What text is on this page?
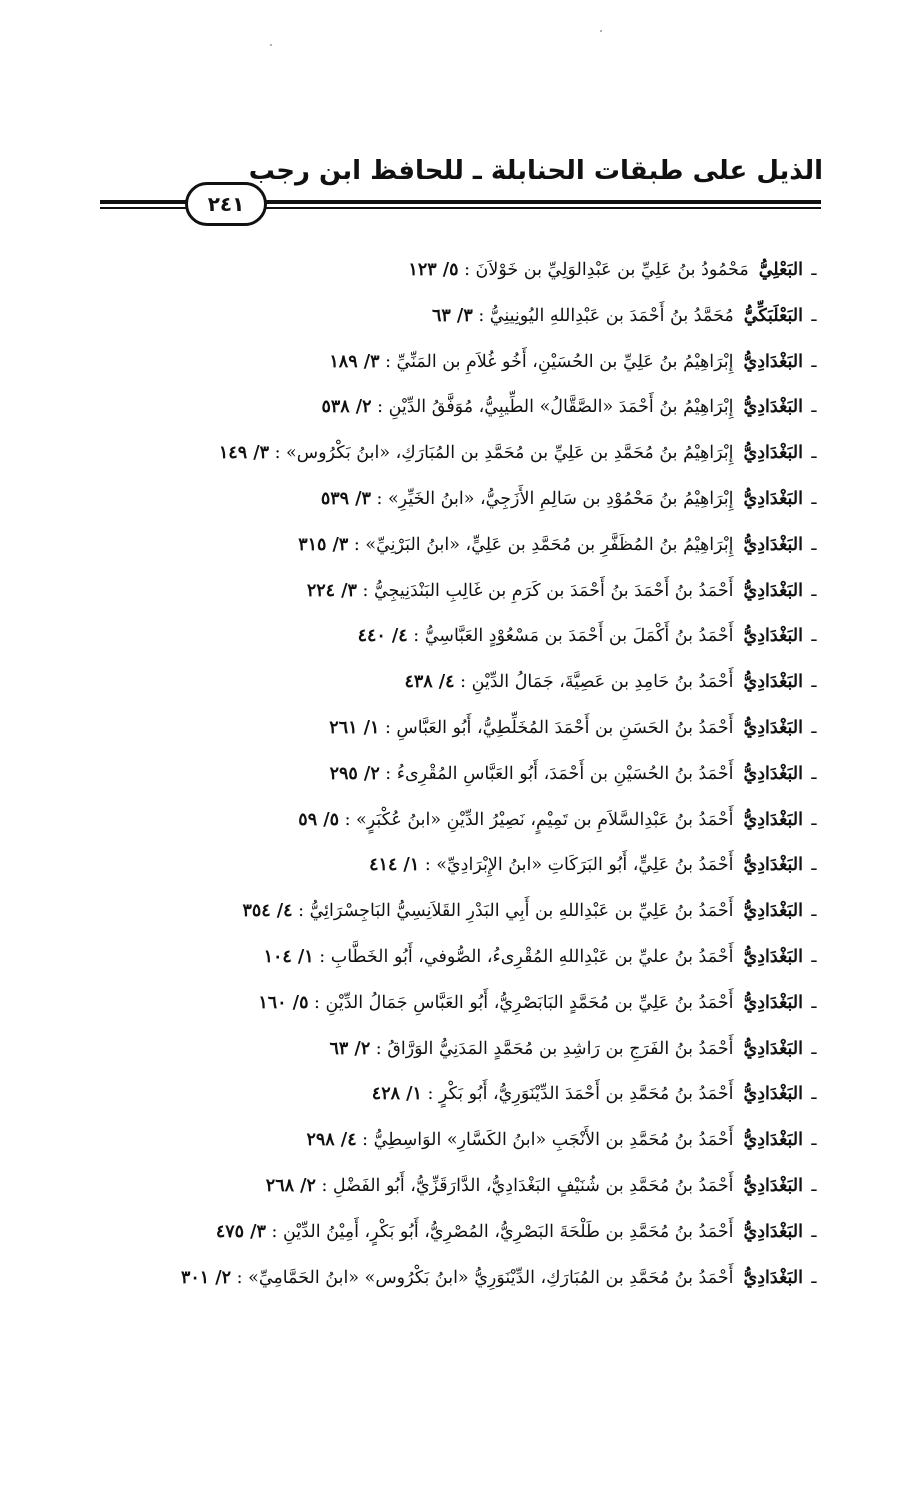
الذيل على طبقات الحنابلة ـ للحافظ ابن رجب
٢٤١
ـالبَعْلِيُّمَحْمُودُ بنُ عَلِيِّ بن عَبْدِالوَلِيِّ بن خَوْلاَنَ : ٥/ ١٢٣
ـالبَعْلَبَكِّيُّمُحَمَّدُ بنُ أَحْمَدَ بن عَبْدِاللهِ اليُونِينِيُّ : ٣/ ٦٣
ـالبَغْدَادِيُّإِبْرَاهِيْمُ بنُ عَلِيِّ بن الحُسَيْنِ، أَخُو غُلاَمِ بن المَنِّيِّ : ٣/ ١٨٩
ـالبَغْدَادِيُّإِبْرَاهِيْمُ بنُ أَحْمَدَ «الصَّقَّالُ» الطِّيبِيُّ، مُوَفَّقُ الدِّيْنِ : ٢/ ٥٣٨
ـالبَغْدَادِيُّإِبْرَاهِيْمُ بنُ مُحَمَّدِ بن عَلِيِّ بن مُحَمَّدِ بن المُبَارَكِ، «ابنُ بَكْرُوس» : ٣/ ١٤٩
ـالبَغْدَادِيُّإِبْرَاهِيْمُ بنُ مَحْمُوْدِ بن سَالِمِ الأَزَجِيُّ، «ابنُ الخَيِّرِ» : ٣/ ٥٣٩
ـالبَغْدَادِيُّإِبْرَاهِيْمُ بنُ المُظَفَّرِ بن مُحَمَّدِ بن عَلِيٍّ، «ابنُ البَرْنِيِّ» : ٣/ ٣١٥
ـالبَغْدَادِيُّأَحْمَدُ بنُ أَحْمَدَ بنُ أَحْمَدَ بن كَرَمِ بن غَالِبِ البَنْدَنِيجِيُّ : ٣/ ٢٢٤
ـالبَغْدَادِيُّأَحْمَدُ بنُ أَكْمَلَ بن أَحْمَدَ بن مَسْعُوْدٍ العَبَّاسِيُّ : ٤/ ٤٤٠
ـالبَغْدَادِيُّأَحْمَدُ بنُ حَامِدِ بن عَصِيَّةَ، جَمَالُ الدِّيْنِ : ٤/ ٤٣٨
ـالبَغْدَادِيُّأَحْمَدُ بنُ الحَسَنِ بن أَحْمَدَ المُخَلِّطِيُّ، أَبُو العَبَّاسِ : ١/ ٢٦١
ـالبَغْدَادِيُّأَحْمَدُ بنُ الحُسَيْنِ بن أَحْمَدَ، أَبُو العَبَّاسِ المُقْرِىءُ : ٢/ ٢٩٥
ـالبَغْدَادِيُّأَحْمَدُ بنُ عَبْدِالسَّلاَمِ بن تَمِيْمٍ، نَصِيْرُ الدِّيْنِ «ابنُ عُكْبَرٍ» : ٥/ ٥٩
ـالبَغْدَادِيُّأَحْمَدُ بنُ عَلِيٍّ، أَبُو البَرَكَاتِ «ابنُ الإِبْرَادِيِّ» : ١/ ٤١٤
ـالبَغْدَادِيُّأَحْمَدُ بنُ عَلِيِّ بن عَبْدِاللهِ بن أَبِي البَدْرِ القَلاَنِسِيُّ البَاجِسْرَائِيُّ : ٤/ ٣٥٤
ـالبَغْدَادِيُّأَحْمَدُ بنُ عليِّ بن عَبْدِاللهِ المُقْرِىءُ، الصُّوفي، أَبُو الخَطَّابِ : ١/ ١٠٤
ـالبَغْدَادِيُّأَحْمَدُ بنُ عَلِيِّ بن مُحَمَّدٍ البَابَصْرِيُّ، أَبُو العَبَّاسِ جَمَالُ الدِّيْنِ : ٥/ ١٦٠
ـالبَغْدَادِيُّأَحْمَدُ بنُ الفَرَجِ بن رَاشِدِ بن مُحَمَّدٍ المَدَنِيُّ الوَرَّاقُ : ٢/ ٦٣
ـالبَغْدَادِيُّأَحْمَدُ بنُ مُحَمَّدِ بن أَحْمَدَ الدِّيْنَوَرِيُّ، أَبُو بَكْرٍ : ١/ ٤٢٨
ـالبَغْدَادِيُّأَحْمَدُ بنُ مُحَمَّدِ بن الأَنْجَبِ «ابنُ الكَسَّارِ» الوَاسِطِيُّ : ٤/ ٢٩٨
ـالبَغْدَادِيُّأَحْمَدُ بنُ مُحَمَّدِ بن شُنَيْفٍ البَغْدَادِيُّ، الدَّارَقَزِّيُّ، أَبُو الفَضْلِ : ٢/ ٢٦٨
ـالبَغْدَادِيُّأَحْمَدُ بنُ مُحَمَّدِ بن طَلْحَةَ البَصْرِيُّ، المُصْرِيُّ، أَبُو بَكْرٍ، أَمِيْنُ الدِّيْنِ : ٣/ ٤٧٥
ـالبَغْدَادِيُّأَحْمَدُ بنُ مُحَمَّدِ بن المُبَارَكِ، الدِّيْنَوَرِيُّ «ابنُ بَكْرُوس» «ابنُ الحَمَّامِيِّ» : ٢/ ٣٠١
